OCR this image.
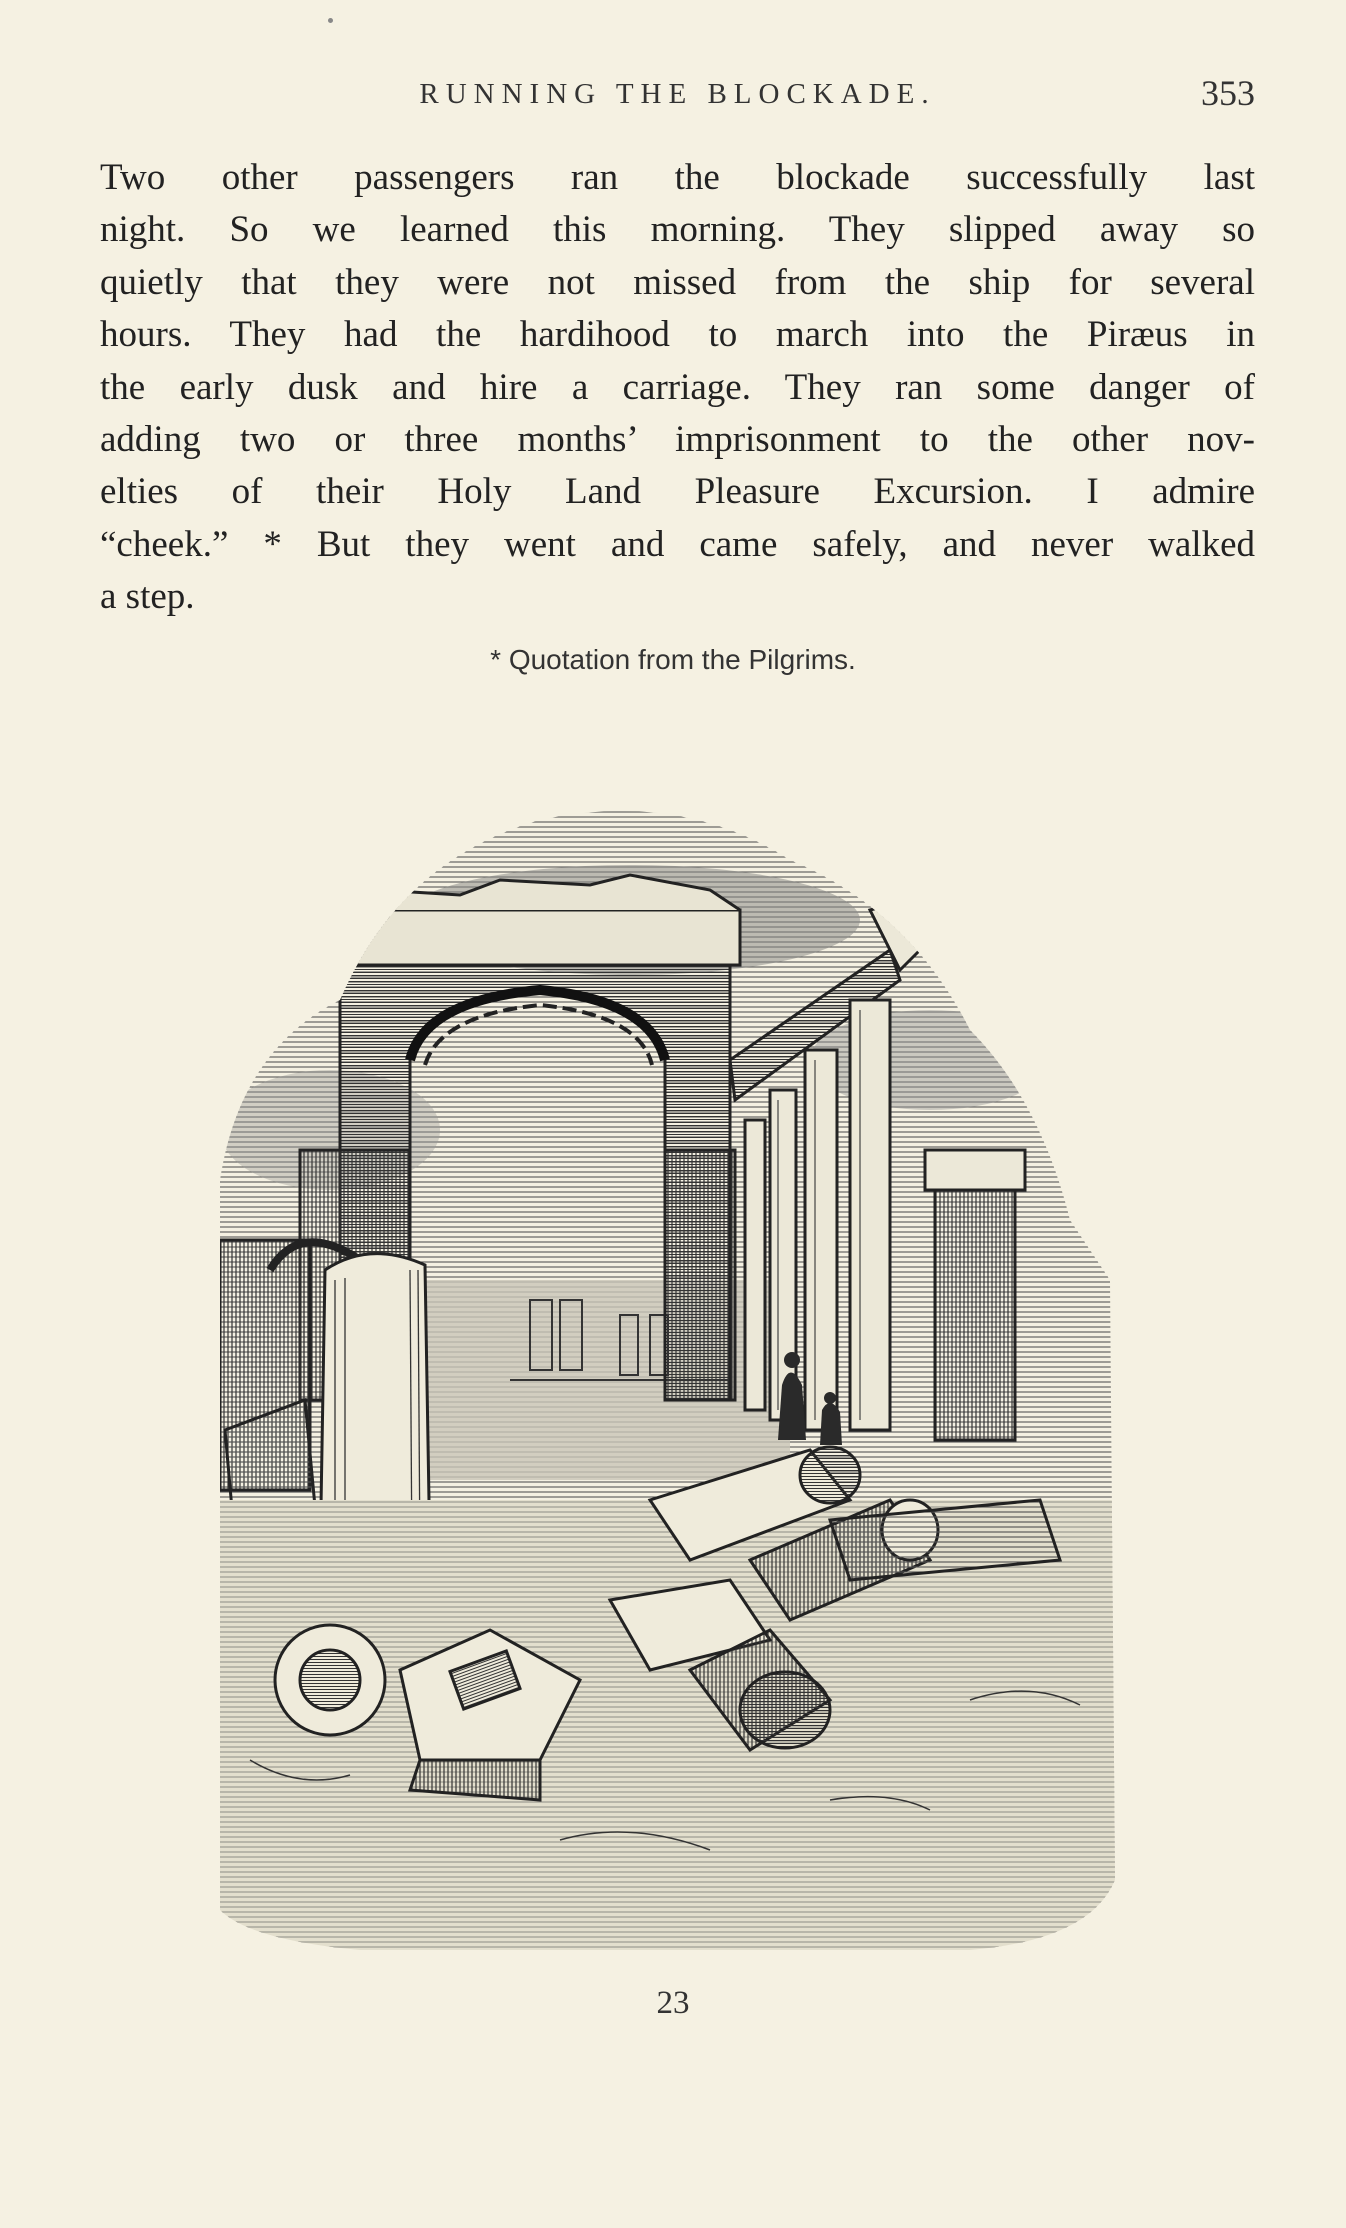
RUNNING THE BLOCKADE.	353
Two other passengers ran the blockade successfully last
night. So we learned this morning. They slipped away so
quietly that they were not missed from the ship for several
hours. They had the hardihood to march into the Piræus in
the early dusk and hire a carriage. They ran some danger of
adding two or three months’ imprisonment to the other nov-
elties of their Holy Land Pleasure Excursion. I admire
“cheek.” * But they went and came safely, and never walked
a step.
* Quotation from the Pilgrims.
23
